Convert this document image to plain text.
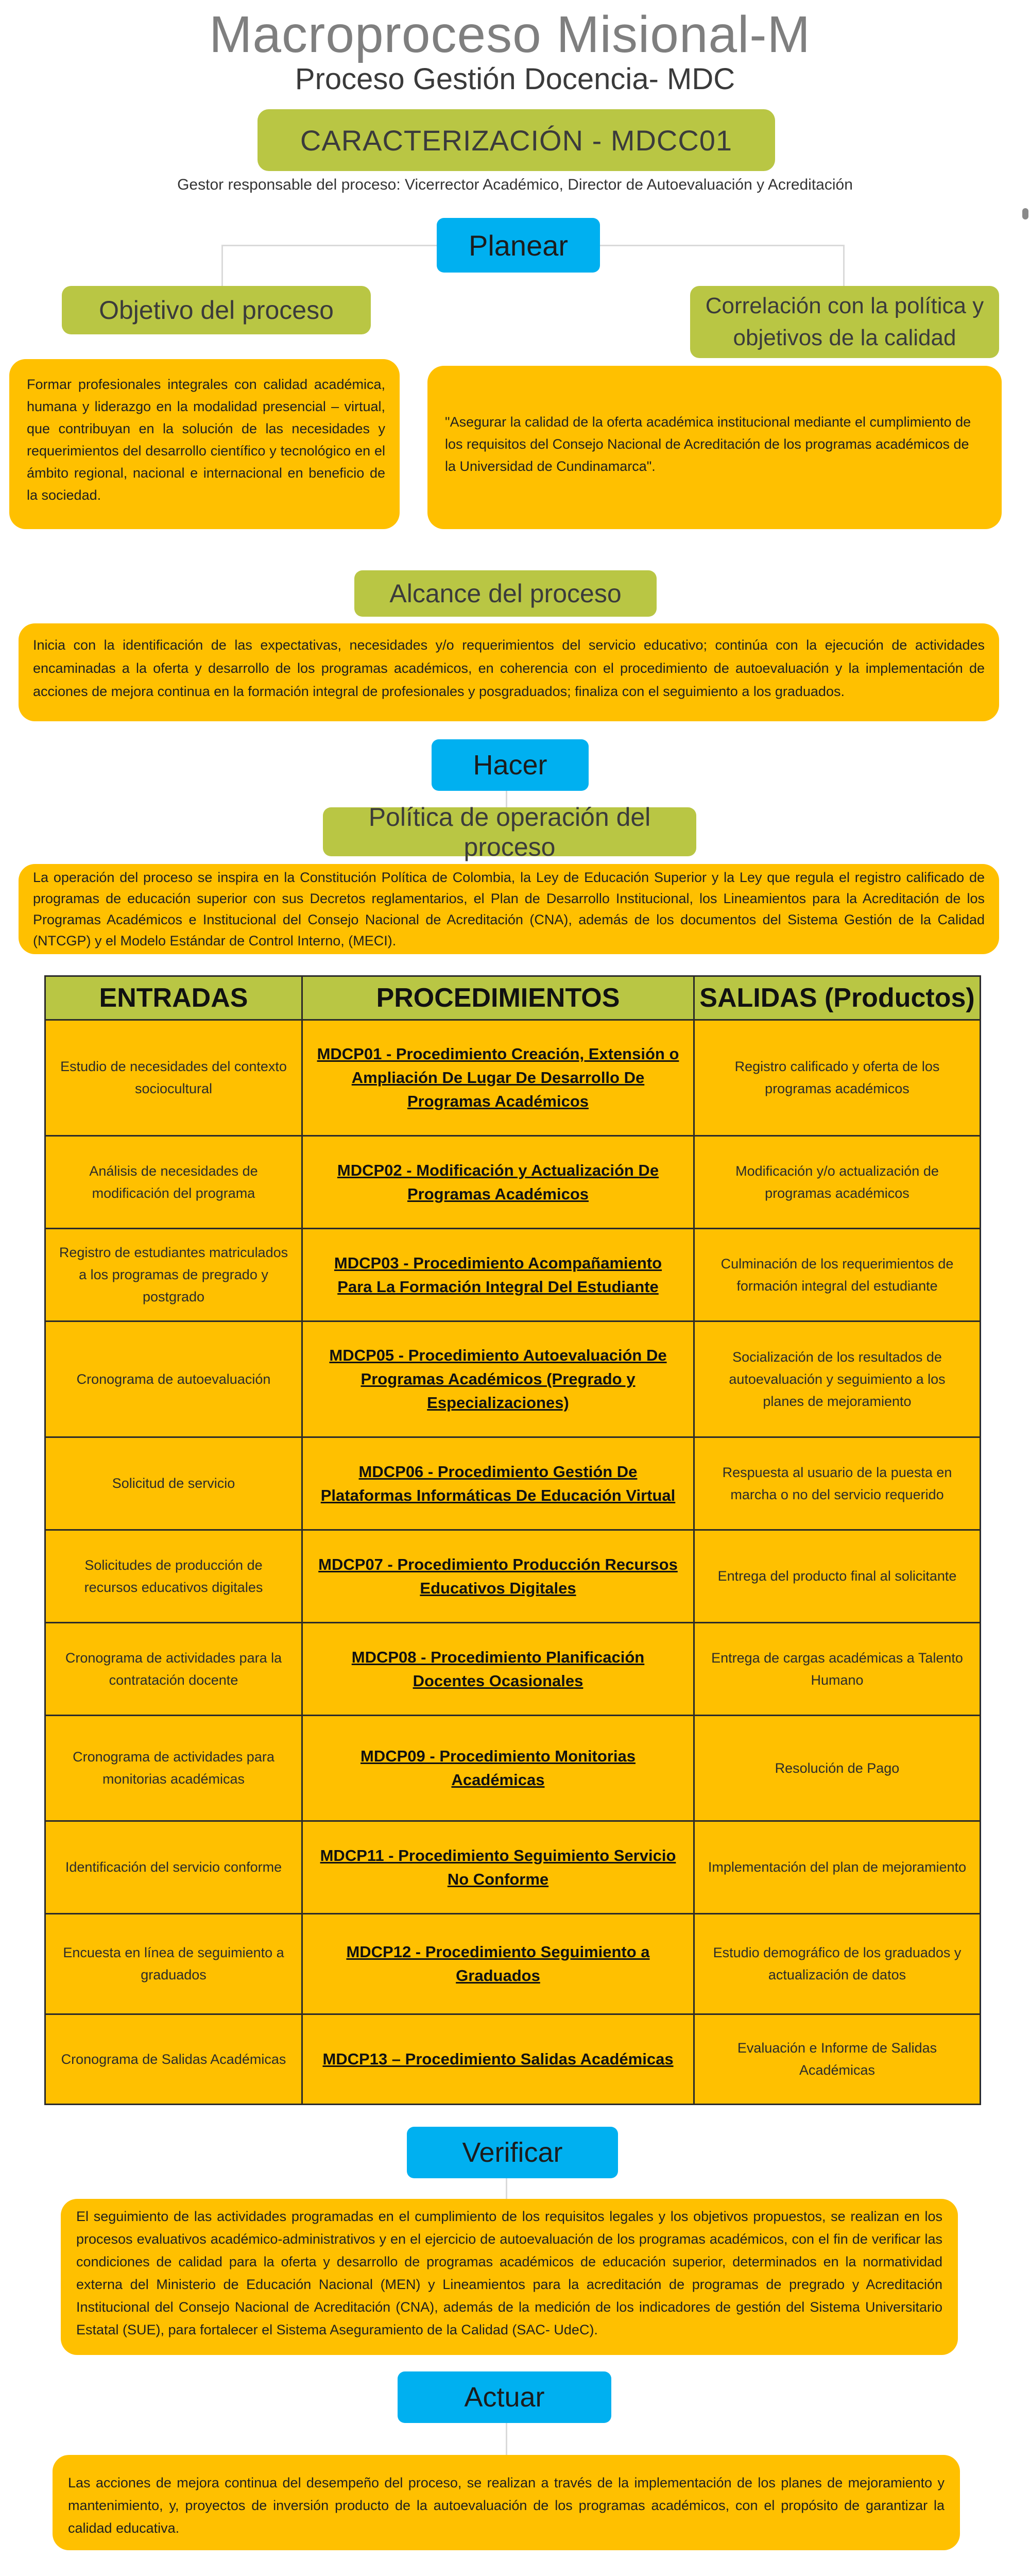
Macroproceso Misional-M
Proceso Gestión Docencia- MDC
CARACTERIZACIÓN - MDCC01
Gestor responsable del proceso: Vicerrector Académico, Director de Autoevaluación y Acreditación
Planear
Objetivo del proceso	Correlación con la política y objetivos de la calidad
Formar profesionales integrales con calidad académica, humana y liderazgo en la modalidad presencial – virtual, que contribuyan en la solución de las necesidades y requerimientos del desarrollo científico y tecnológico en el ámbito regional, nacional e internacional en beneficio de la sociedad.
"Asegurar la calidad de la oferta académica institucional mediante el cumplimiento de los requisitos del Consejo Nacional de Acreditación de los programas académicos de la Universidad de Cundinamarca".
Alcance del proceso
Inicia con la identificación de las expectativas, necesidades y/o requerimientos del servicio educativo; continúa con la ejecución de actividades encaminadas a la oferta y desarrollo de los programas académicos, en coherencia con el procedimiento de autoevaluación y la implementación de acciones de mejora continua en la formación integral de profesionales y posgraduados; finaliza con el seguimiento a los graduados.
Hacer
Política de operación del proceso
La operación del proceso se inspira en la Constitución Política de Colombia, la Ley de Educación Superior y la Ley que regula el registro calificado de programas de educación superior con sus Decretos reglamentarios, el Plan de Desarrollo Institucional, los Lineamientos para la Acreditación de los Programas Académicos e Institucional del Consejo Nacional de Acreditación (CNA), además de los documentos del Sistema Gestión de la Calidad (NTCGP) y el Modelo Estándar de Control Interno, (MECI).
ENTRADAS	PROCEDIMIENTOS	SALIDAS (Productos)
Estudio de necesidades del contexto sociocultural	MDCP01 - Procedimiento Creación, Extensión o Ampliación De Lugar De Desarrollo De Programas Académicos	Registro calificado y oferta de los programas académicos
Análisis de necesidades de modificación del programa	MDCP02 - Modificación y Actualización De Programas Académicos	Modificación y/o actualización de programas académicos
Registro de estudiantes matriculados a los programas de pregrado y postgrado	MDCP03 - Procedimiento Acompañamiento Para La Formación Integral Del Estudiante	Culminación de los requerimientos de formación integral del estudiante
Cronograma de autoevaluación	MDCP05 - Procedimiento Autoevaluación De Programas Académicos (Pregrado y Especializaciones)	Socialización de los resultados de autoevaluación y seguimiento a los planes de mejoramiento
Solicitud de servicio	MDCP06 - Procedimiento Gestión De Plataformas Informáticas De Educación Virtual	Respuesta al usuario de la puesta en marcha o no del servicio requerido
Solicitudes de producción de recursos educativos digitales	MDCP07 - Procedimiento Producción Recursos Educativos Digitales	Entrega del producto final al solicitante
Cronograma de actividades para la contratación docente	MDCP08 - Procedimiento Planificación Docentes Ocasionales	Entrega de cargas académicas a Talento Humano
Cronograma de actividades para monitorias académicas	MDCP09 - Procedimiento Monitorias Académicas	Resolución de Pago
Identificación del servicio conforme	MDCP11 - Procedimiento Seguimiento Servicio No Conforme	Implementación del plan de mejoramiento
Encuesta en línea de seguimiento a graduados	MDCP12 - Procedimiento Seguimiento a Graduados	Estudio demográfico de los graduados y actualización de datos
Cronograma de Salidas Académicas	MDCP13 – Procedimiento Salidas Académicas	Evaluación e Informe de Salidas Académicas
Verificar
El seguimiento de las actividades programadas en el cumplimiento de los requisitos legales y los objetivos propuestos, se realizan en los procesos evaluativos académico-administrativos y en el ejercicio de autoevaluación de los programas académicos, con el fin de verificar las condiciones de calidad para la oferta y desarrollo de programas académicos de educación superior, determinados en la normatividad externa del Ministerio de Educación Nacional (MEN) y Lineamientos para la acreditación de programas de pregrado y Acreditación Institucional del Consejo Nacional de Acreditación (CNA), además de la medición de los indicadores de gestión del Sistema Universitario Estatal (SUE), para fortalecer el Sistema Aseguramiento de la Calidad (SAC- UdeC).
Actuar
Las acciones de mejora continua del desempeño del proceso, se realizan a través de la implementación de los planes de mejoramiento y mantenimiento, y, proyectos de inversión producto de la autoevaluación de los programas académicos, con el propósito de garantizar la calidad educativa.
